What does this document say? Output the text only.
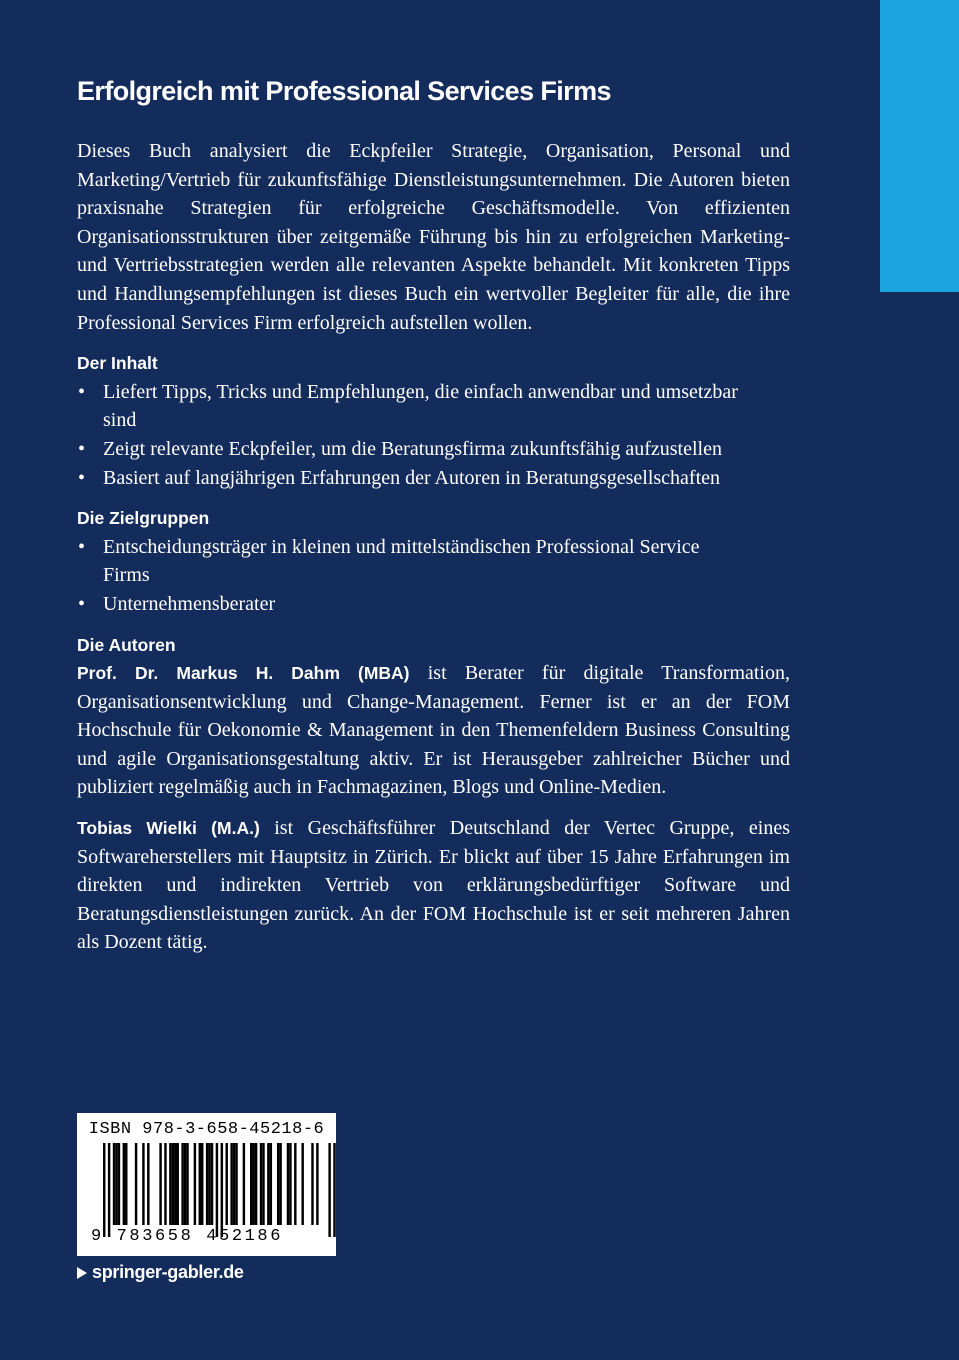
Erfolgreich mit Professional Services Firms

Dieses Buch analysiert die Eckpfeiler Strategie, Organisation, Personal und Marketing/Vertrieb für zukunftsfähige Dienstleistungsunternehmen. Die Autoren bieten praxisnahe Strategien für erfolgreiche Geschäftsmodelle. Von effizienten Organisationsstrukturen über zeitgemäße Führung bis hin zu erfolgreichen Marketing- und Vertriebsstrategien werden alle relevanten Aspekte behandelt. Mit konkreten Tipps und Handlungsempfehlungen ist dieses Buch ein wertvoller Begleiter für alle, die ihre Professional Services Firm erfolgreich aufstellen wollen.

Der Inhalt
• Liefert Tipps, Tricks und Empfehlungen, die einfach anwendbar und umsetzbar sind
• Zeigt relevante Eckpfeiler, um die Beratungsfirma zukunftsfähig aufzustellen
• Basiert auf langjährigen Erfahrungen der Autoren in Beratungsgesellschaften
Die Zielgruppen
• Entscheidungsträger in kleinen und mittelständischen Professional Service Firms
• Unternehmensberater
Die Autoren

Prof. Dr. Markus H. Dahm (MBA) ist Berater für digitale Transformation, Organisationsentwicklung und Change-Management. Ferner ist er an der FOM Hochschule für Oekonomie & Management in den Themenfeldern Business Consulting und agile Organisationsgestaltung aktiv. Er ist Herausgeber zahlreicher Bücher und publiziert regelmäßig auch in Fachmagazinen, Blogs und Online-Medien.

Tobias Wielki (M.A.) ist Geschäftsführer Deutschland der Vertec Gruppe, eines Softwareherstellers mit Hauptsitz in Zürich. Er blickt auf über 15 Jahre Erfahrungen im direkten und indirekten Vertrieb von erklärungsbedürftiger Software und Beratungsdienstleistungen zurück. An der FOM Hochschule ist er seit mehreren Jahren als Dozent tätig.

ISBN 978-3-658-45218-6
9 783658 452186
springer-gabler.de
